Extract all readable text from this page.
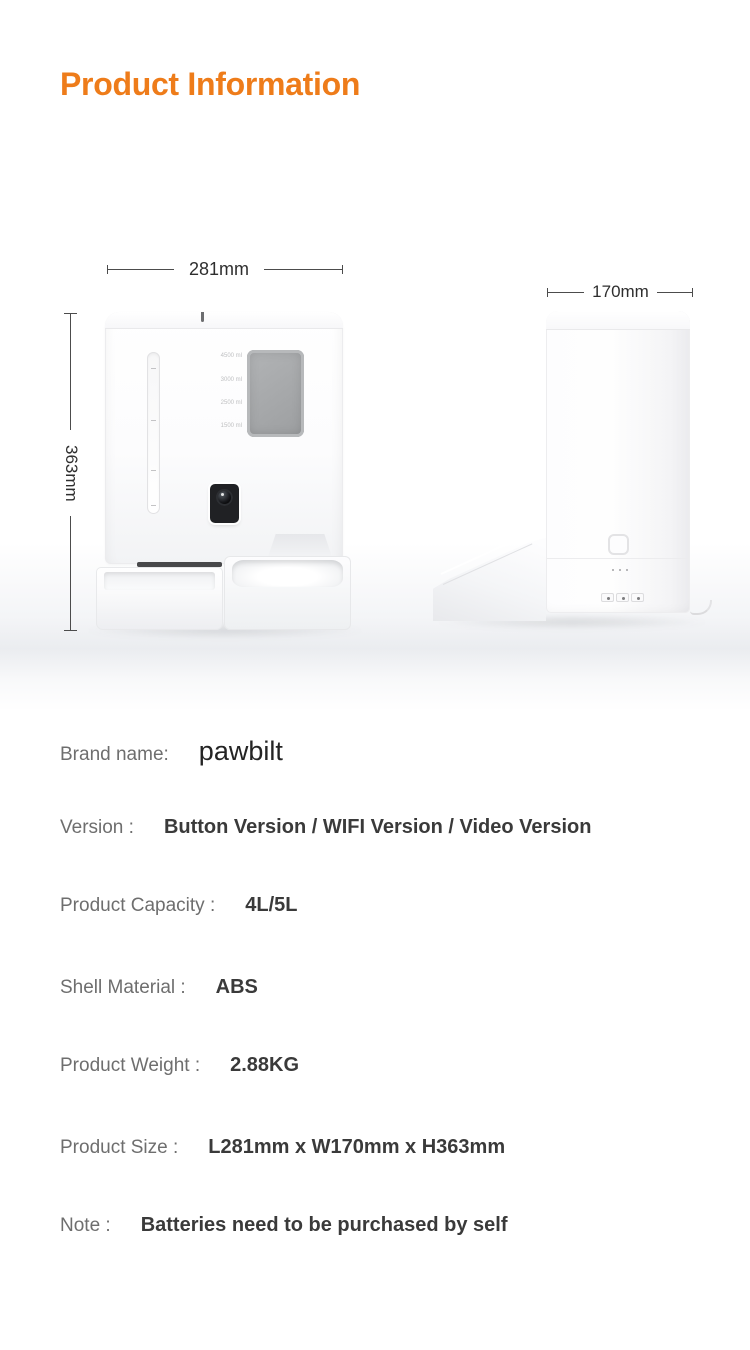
Product Information
281mm
170mm
363mm
4500 ml
3000 ml
2500 ml
1500 ml
Brand name: pawbilt
Version : Button Version / WIFI Version / Video Version
Product Capacity : 4L/5L
Shell Material : ABS
Product Weight : 2.88KG
Product Size : L281mm x W170mm x H363mm
Note : Batteries need to be purchased by self
